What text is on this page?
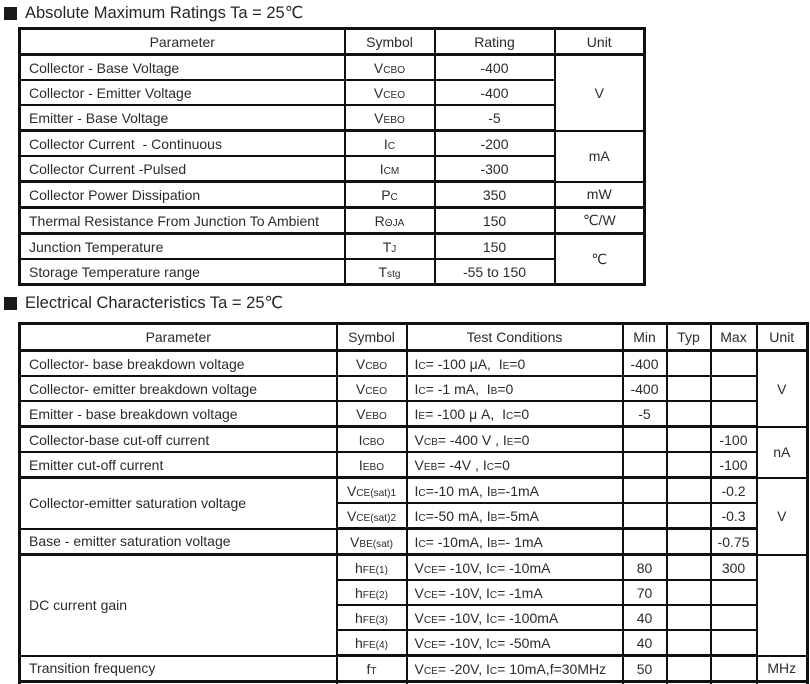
Absolute Maximum Ratings Ta = 25℃
Parameter	Symbol	Rating	Unit
Collector - Base Voltage	VCBO	-400	V
Collector - Emitter Voltage	VCEO	-400	
Emitter - Base Voltage	VEBO	-5	
Collector Current  - Continuous	IC	-200	mA
Collector Current -Pulsed	ICM	-300	
Collector Power Dissipation	PC	350	mW
Thermal Resistance From Junction To Ambient	RΘJA	150	℃/W
Junction Temperature	TJ	150	℃
Storage Temperature range	Tstg	-55 to 150	
Electrical Characteristics Ta = 25℃
Parameter	Symbol	Test Conditions	Min	Typ	Max	Unit
Collector- base breakdown voltage	VCBO	IC= -100 μA,  IE=0	-400			V
Collector- emitter breakdown voltage	VCEO	IC= -1 mA,  IB=0	-400			
Emitter - base breakdown voltage	VEBO	IE= -100 μ A,  IC=0	-5			
Collector-base cut-off current	ICBO	VCB= -400 V , IE=0			-100	nA
Emitter cut-off current	IEBO	VEB= -4V , IC=0			-100	
Collector-emitter saturation voltage	VCE(sat)1	IC=-10 mA, IB=-1mA			-0.2	V
	VCE(sat)2	IC=-50 mA, IB=-5mA			-0.3	
Base - emitter saturation voltage	VBE(sat)	IC= -10mA, IB=- 1mA			-0.75	
DC current gain	hFE(1)	VCE= -10V, IC= -10mA	80		300	
	hFE(2)	VCE= -10V, IC= -1mA	70			
	hFE(3)	VCE= -10V, IC= -100mA	40			
	hFE(4)	VCE= -10V, IC= -50mA	40			
Transition frequency	fT	VCE= -20V, IC= 10mA,f=30MHz	50			MHz
